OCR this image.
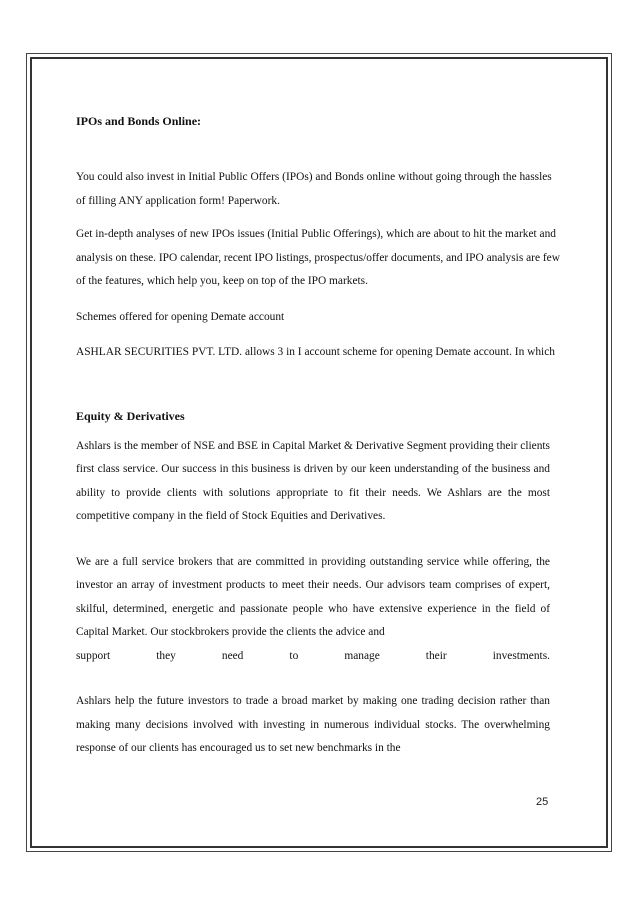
IPOs and Bonds Online:

You could also invest in Initial Public Offers (IPOs) and Bonds online without going through the hassles of filling ANY application form! Paperwork.

Get in-depth analyses of new IPOs issues (Initial Public Offerings), which are about to hit the market and analysis on these. IPO calendar, recent IPO listings, prospectus/offer documents, and IPO analysis are few of the features, which help you, keep on top of the IPO markets.

Schemes offered for opening Demate account

ASHLAR SECURITIES PVT. LTD. allows 3 in I account scheme for opening Demate account. In which

Equity & Derivatives

Ashlars is the member of NSE and BSE in Capital Market & Derivative Segment providing their clients first class service. Our success in this business is driven by our keen understanding of the business and ability to provide clients with solutions appropriate to fit their needs. We Ashlars are the most competitive company in the field of Stock Equities and Derivatives.

We are a full service brokers that are committed in providing outstanding service while offering, the investor an array of investment products to meet their needs. Our advisors team comprises of expert, skilful, determined, energetic and passionate people who have extensive experience in the field of Capital Market. Our stockbrokers provide the clients the advice and

support they need to manage their investments.

Ashlars help the future investors to trade a broad market by making one trading decision rather than making many decisions involved with investing in numerous individual stocks. The overwhelming response of our clients has encouraged us to set new benchmarks in the

25
